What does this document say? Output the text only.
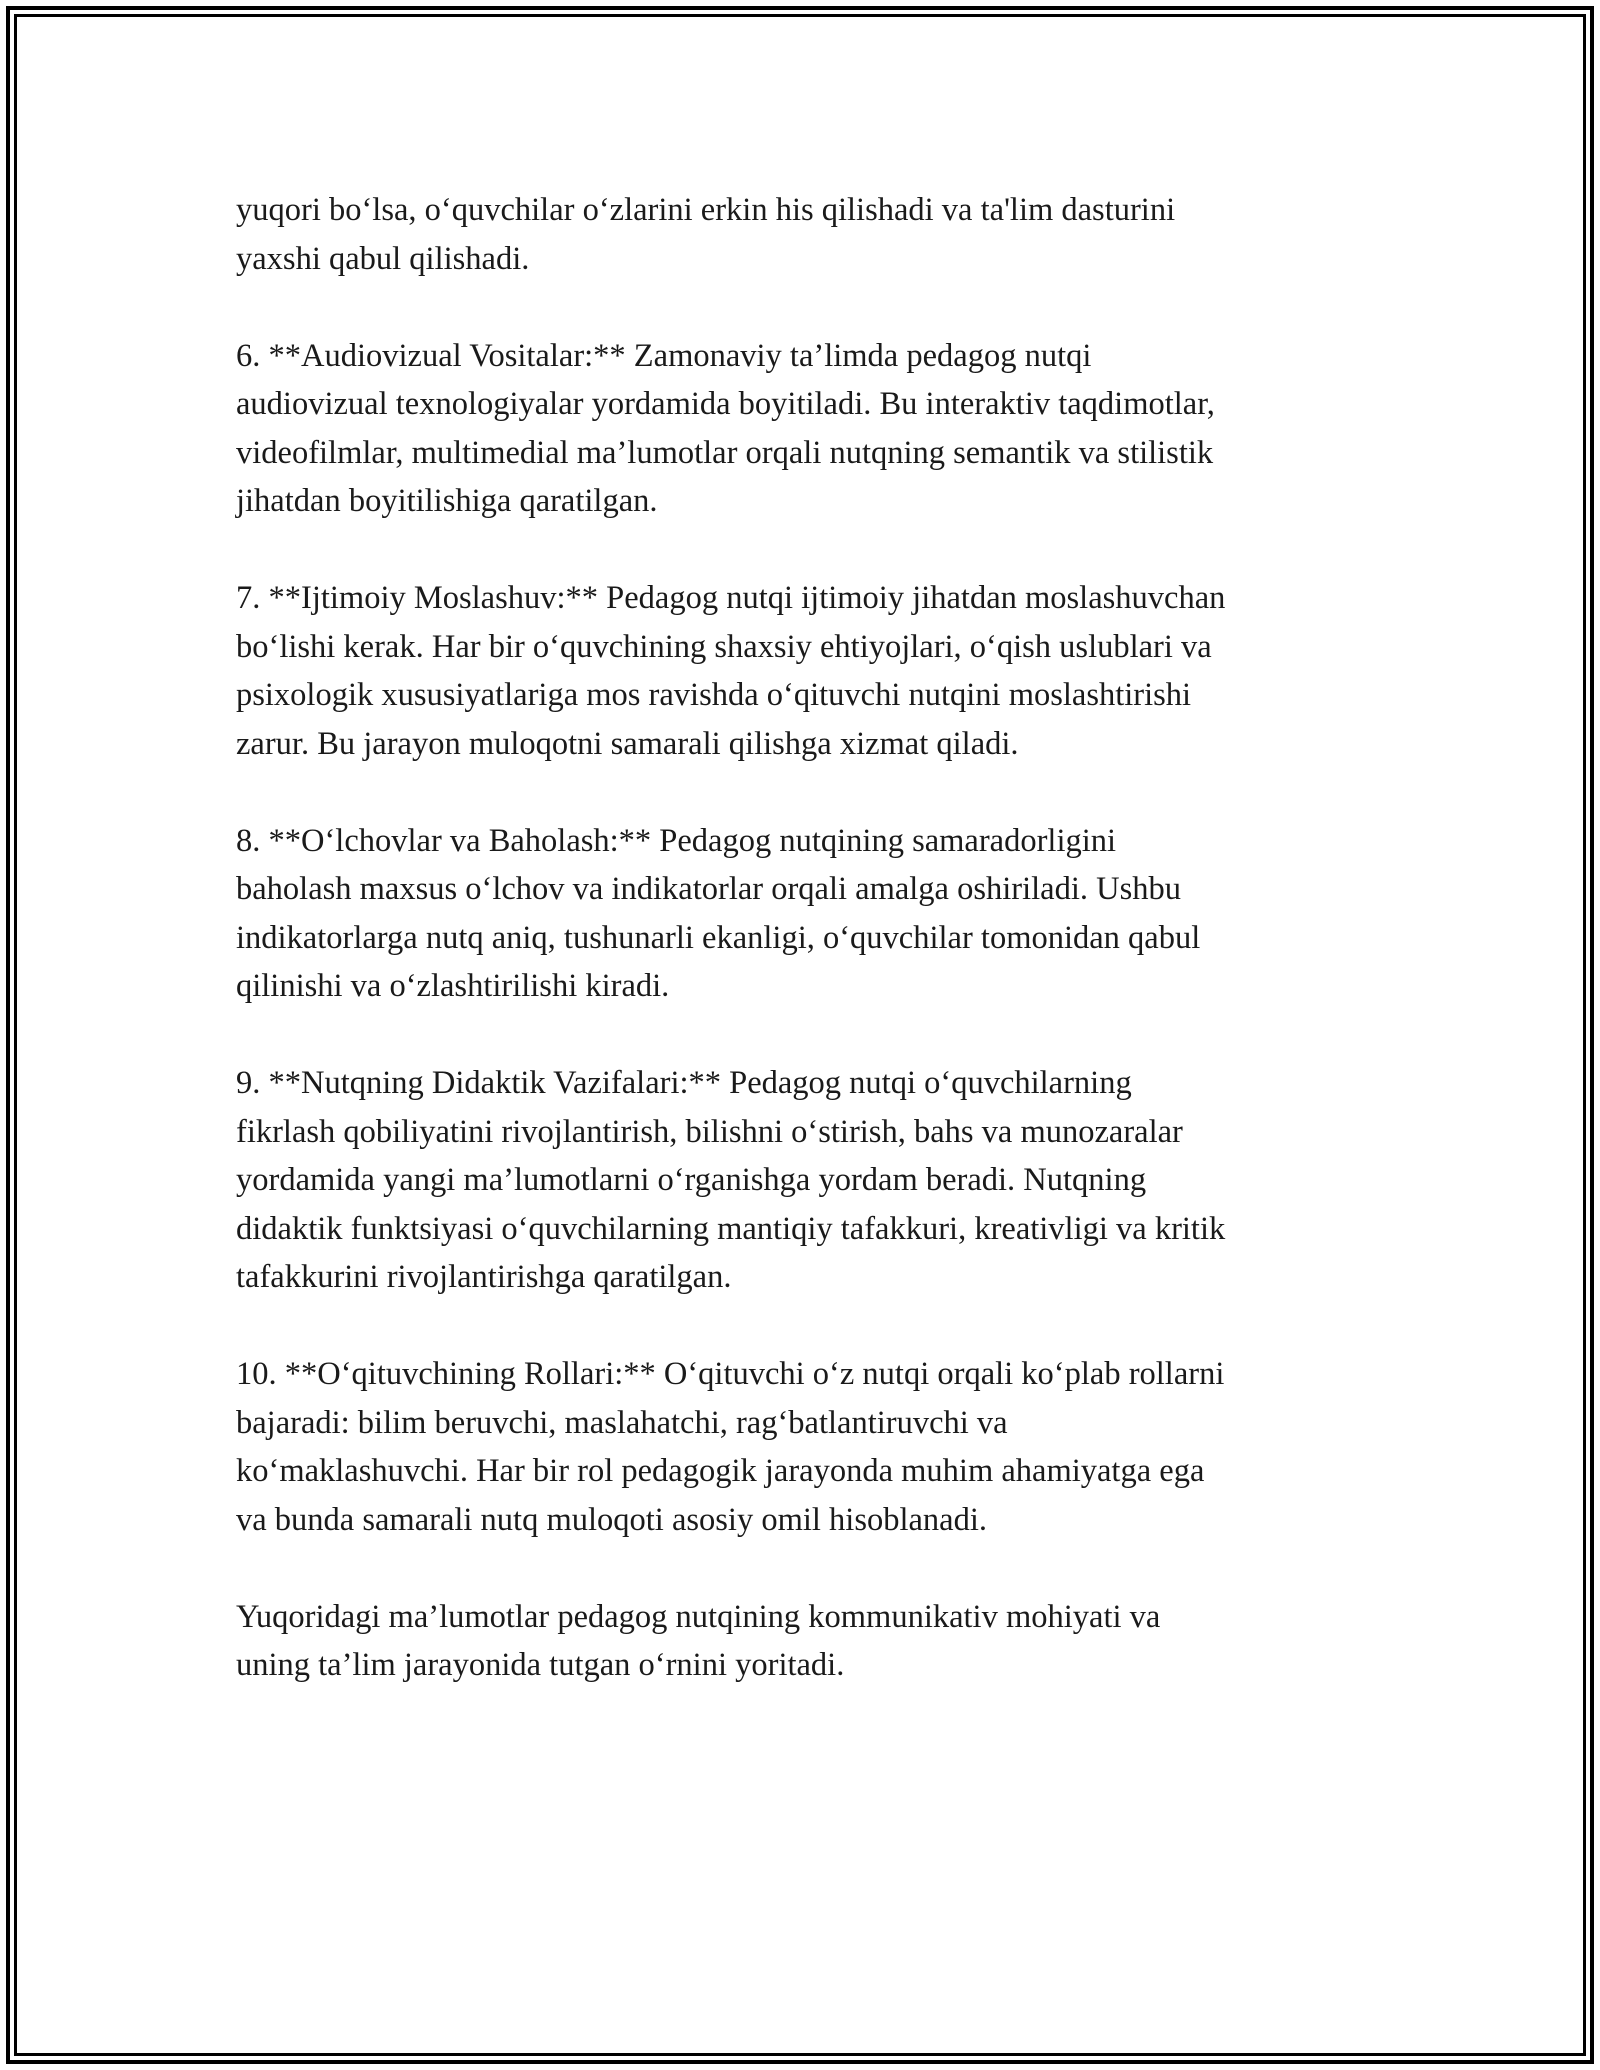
yuqori bo‘lsa, o‘quvchilar o‘zlarini erkin his qilishadi va ta'lim dasturini
yaxshi qabul qilishadi.

6. **Audiovizual Vositalar:** Zamonaviy ta’limda pedagog nutqi
audiovizual texnologiyalar yordamida boyitiladi. Bu interaktiv taqdimotlar,
videofilmlar, multimedial ma’lumotlar orqali nutqning semantik va stilistik
jihatdan boyitilishiga qaratilgan.

7. **Ijtimoiy Moslashuv:** Pedagog nutqi ijtimoiy jihatdan moslashuvchan
bo‘lishi kerak. Har bir o‘quvchining shaxsiy ehtiyojlari, o‘qish uslublari va
psixologik xususiyatlariga mos ravishda o‘qituvchi nutqini moslashtirishi
zarur. Bu jarayon muloqotni samarali qilishga xizmat qiladi.

8. **O‘lchovlar va Baholash:** Pedagog nutqining samaradorligini
baholash maxsus o‘lchov va indikatorlar orqali amalga oshiriladi. Ushbu
indikatorlarga nutq aniq, tushunarli ekanligi, o‘quvchilar tomonidan qabul
qilinishi va o‘zlashtirilishi kiradi.

9. **Nutqning Didaktik Vazifalari:** Pedagog nutqi o‘quvchilarning
fikrlash qobiliyatini rivojlantirish, bilishni o‘stirish, bahs va munozaralar
yordamida yangi ma’lumotlarni o‘rganishga yordam beradi. Nutqning
didaktik funktsiyasi o‘quvchilarning mantiqiy tafakkuri, kreativligi va kritik
tafakkurini rivojlantirishga qaratilgan.

10. **O‘qituvchining Rollari:** O‘qituvchi o‘z nutqi orqali ko‘plab rollarni
bajaradi: bilim beruvchi, maslahatchi, rag‘batlantiruvchi va
ko‘maklashuvchi. Har bir rol pedagogik jarayonda muhim ahamiyatga ega
va bunda samarali nutq muloqoti asosiy omil hisoblanadi.

Yuqoridagi ma’lumotlar pedagog nutqining kommunikativ mohiyati va
uning ta’lim jarayonida tutgan o‘rnini yoritadi.
